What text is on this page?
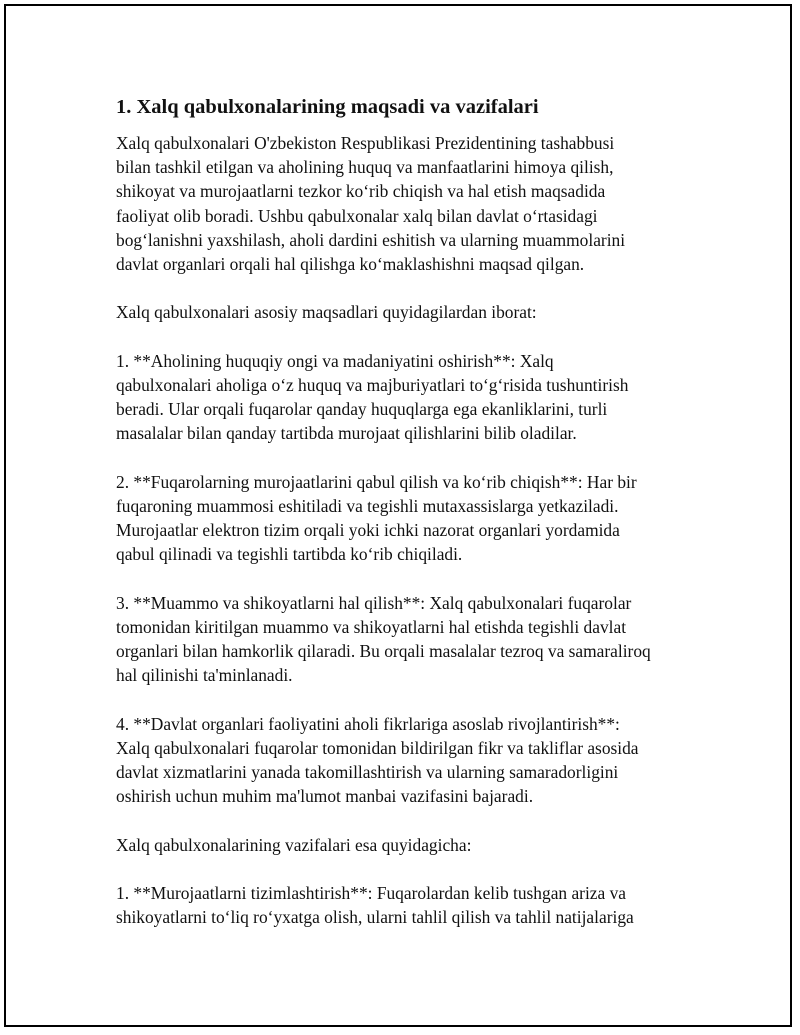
1. Xalq qabulxonalarining maqsadi va vazifalari

Xalq qabulxonalari O'zbekiston Respublikasi Prezidentining tashabbusi
bilan tashkil etilgan va aholining huquq va manfaatlarini himoya qilish,
shikoyat va murojaatlarni tezkor koʻrib chiqish va hal etish maqsadida
faoliyat olib boradi. Ushbu qabulxonalar xalq bilan davlat oʻrtasidagi
bogʻlanishni yaxshilash, aholi dardini eshitish va ularning muammolarini
davlat organlari orqali hal qilishga koʻmaklashishni maqsad qilgan.

Xalq qabulxonalari asosiy maqsadlari quyidagilardan iborat:

1. **Aholining huquqiy ongi va madaniyatini oshirish**: Xalq
qabulxonalari aholiga oʻz huquq va majburiyatlari toʻgʻrisida tushuntirish
beradi. Ular orqali fuqarolar qanday huquqlarga ega ekanliklarini, turli
masalalar bilan qanday tartibda murojaat qilishlarini bilib oladilar.

2. **Fuqarolarning murojaatlarini qabul qilish va koʻrib chiqish**: Har bir
fuqaroning muammosi eshitiladi va tegishli mutaxassislarga yetkaziladi.
Murojaatlar elektron tizim orqali yoki ichki nazorat organlari yordamida
qabul qilinadi va tegishli tartibda koʻrib chiqiladi.

3. **Muammo va shikoyatlarni hal qilish**: Xalq qabulxonalari fuqarolar
tomonidan kiritilgan muammo va shikoyatlarni hal etishda tegishli davlat
organlari bilan hamkorlik qilaradi. Bu orqali masalalar tezroq va samaraliroq
hal qilinishi ta'minlanadi.

4. **Davlat organlari faoliyatini aholi fikrlariga asoslab rivojlantirish**:
Xalq qabulxonalari fuqarolar tomonidan bildirilgan fikr va takliflar asosida
davlat xizmatlarini yanada takomillashtirish va ularning samaradorligini
oshirish uchun muhim ma'lumot manbai vazifasini bajaradi.

Xalq qabulxonalarining vazifalari esa quyidagicha:

1. **Murojaatlarni tizimlashtirish**: Fuqarolardan kelib tushgan ariza va
shikoyatlarni toʻliq roʻyxatga olish, ularni tahlil qilish va tahlil natijalariga
